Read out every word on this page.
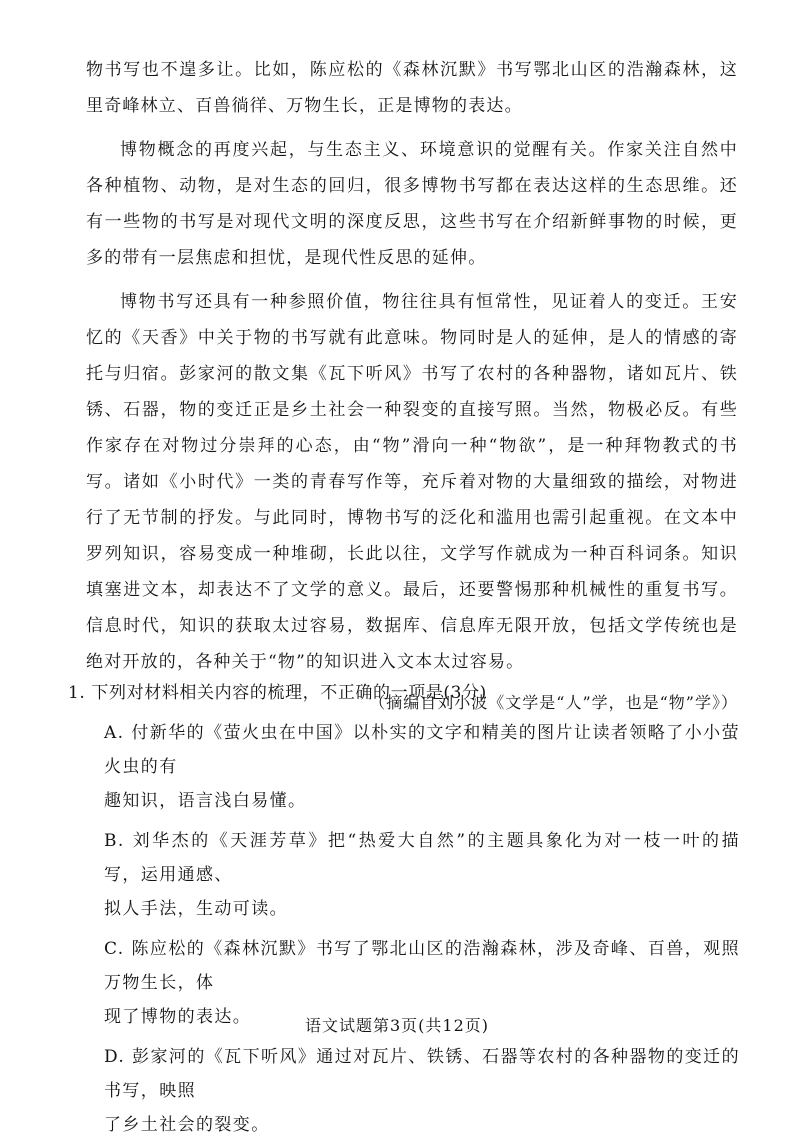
物书写也不遑多让。比如，陈应松的《森林沉默》书写鄂北山区的浩瀚森林，这里奇峰林立、百兽徜徉、万物生长，正是博物的表达。

博物概念的再度兴起，与生态主义、环境意识的觉醒有关。作家关注自然中各种植物、动物，是对生态的回归，很多博物书写都在表达这样的生态思维。还有一些物的书写是对现代文明的深度反思，这些书写在介绍新鲜事物的时候，更多的带有一层焦虑和担忧，是现代性反思的延伸。

博物书写还具有一种参照价值，物往往具有恒常性，见证着人的变迁。王安忆的《天香》中关于物的书写就有此意味。物同时是人的延伸，是人的情感的寄托与归宿。彭家河的散文集《瓦下听风》书写了农村的各种器物，诸如瓦片、铁锈、石器，物的变迁正是乡土社会一种裂变的直接写照。当然，物极必反。有些作家存在对物过分崇拜的心态，由“物”滑向一种“物欲”，是一种拜物教式的书写。诸如《小时代》一类的青春写作等，充斥着对物的大量细致的描绘，对物进行了无节制的抒发。与此同时，博物书写的泛化和滥用也需引起重视。在文本中罗列知识，容易变成一种堆砌，长此以往，文学写作就成为一种百科词条。知识填塞进文本，却表达不了文学的意义。最后，还要警惕那种机械性的重复书写。信息时代，知识的获取太过容易，数据库、信息库无限开放，包括文学传统也是绝对开放的，各种关于“物”的知识进入文本太过容易。

（摘编自刘小波《文学是“人”学，也是“物”学》）
1. 下列对材料相关内容的梳理，不正确的一项是(3分)

A. 付新华的《萤火虫在中国》以朴实的文字和精美的图片让读者领略了小小萤火虫的有

趣知识，语言浅白易懂。

B. 刘华杰的《天涯芳草》把“热爱大自然”的主题具象化为对一枝一叶的描写，运用通感、

拟人手法，生动可读。

C. 陈应松的《森林沉默》书写了鄂北山区的浩瀚森林，涉及奇峰、百兽，观照万物生长，体

现了博物的表达。

D. 彭家河的《瓦下听风》通过对瓦片、铁锈、石器等农村的各种器物的变迁的书写，映照

了乡土社会的裂变。

语文试题第3页(共12页)
